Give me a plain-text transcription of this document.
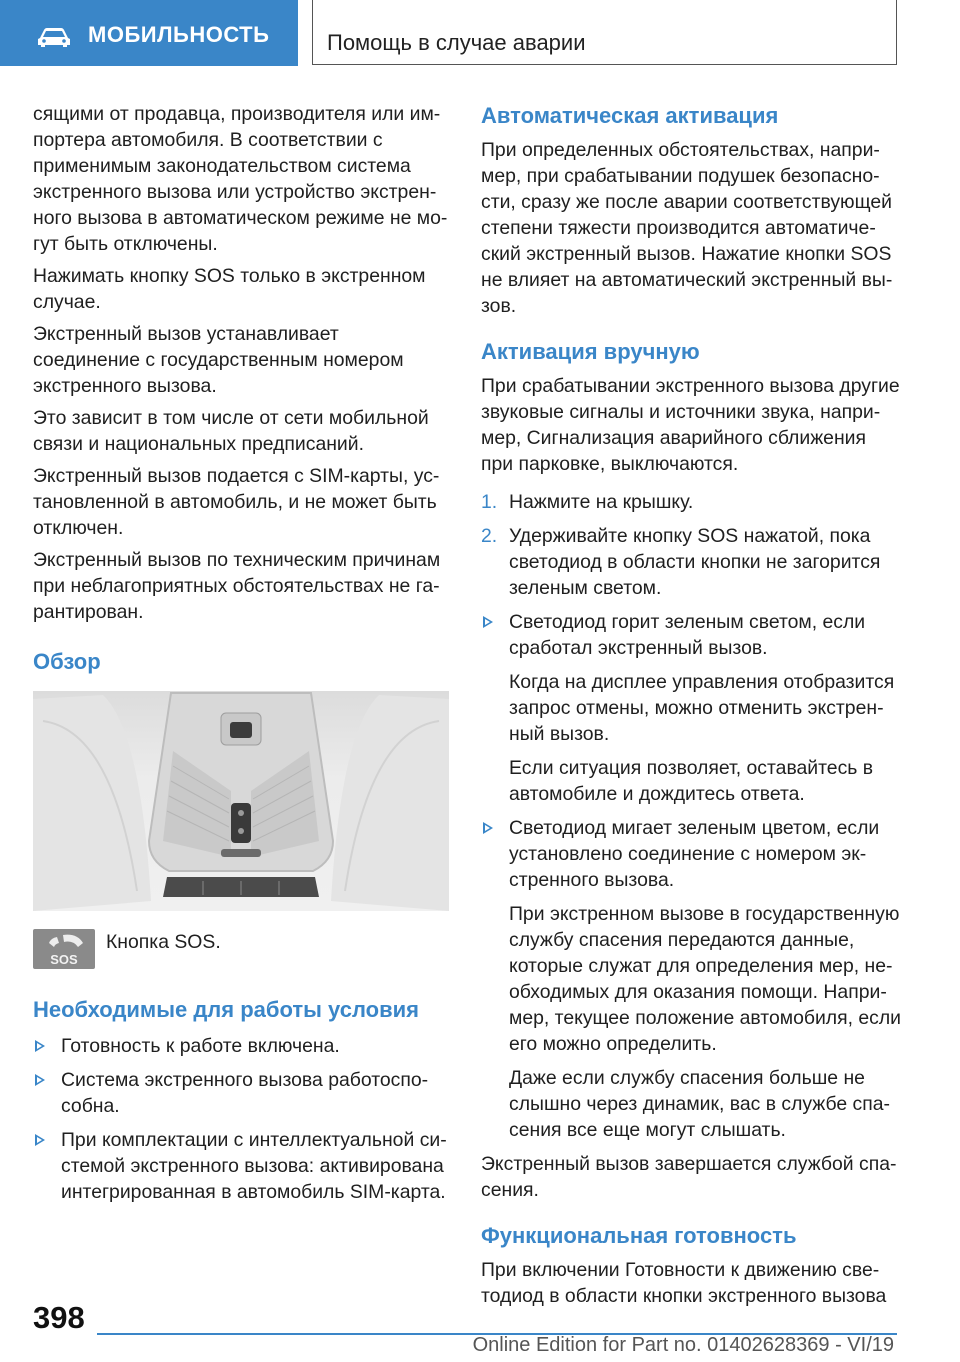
МОБИЛЬНОСТЬ	Помощь в случае аварии

сящими от продавца, производителя или импортера автомобиля. В соответствии с применимым законодательством система экстренного вызова или устройство экстренного вызова в автоматическом режиме не могут быть отключены.

Нажимать кнопку SOS только в экстренном случае.

Экстренный вызов устанавливает соединение с государственным номером экстренного вызова.

Это зависит в том числе от сети мобильной связи и национальных предписаний.

Экстренный вызов подается с SIM-карты, установленной в автомобиль, и не может быть отключен.

Экстренный вызов по техническим причинам при неблагоприятных обстоятельствах не гарантирован.

Обзор
SOS
Кнопка SOS.
Необходимые для работы условия
Готовность к работе включена.
Система экстренного вызова работоспособна.
При комплектации с интеллектуальной системой экстренного вызова: активирована интегрированная в автомобиль SIM-карта.
Автоматическая активация

При определенных обстоятельствах, например, при срабатывании подушек безопасности, сразу же после аварии соответствующей степени тяжести производится автоматический экстренный вызов. Нажатие кнопки SOS не влияет на автоматический экстренный вызов.

Активация вручную

При срабатывании экстренного вызова другие звуковые сигналы и источники звука, например, Сигнализация аварийного сближения при парковке, выключаются.

1. Нажмите на крышку.
2. Удерживайте кнопку SOS нажатой, пока светодиод в области кнопки не загорится зеленым светом.
Светодиод горит зеленым светом, если сработал экстренный вызов.

Когда на дисплее управления отобразится запрос отмены, можно отменить экстренный вызов.

Если ситуация позволяет, оставайтесь в автомобиле и дождитесь ответа.

Светодиод мигает зеленым цветом, если установлено соединение с номером экстренного вызова.

При экстренном вызове в государственную службу спасения передаются данные, которые служат для определения мер, необходимых для оказания помощи. Например, текущее положение автомобиля, если его можно определить.

Даже если службу спасения больше не слышно через динамик, вас в службе спасения все еще могут слышать.

Экстренный вызов завершается службой спасения.

Функциональная готовность

При включении Готовности к движению светодиод в области кнопки экстренного вызова

398
Online Edition for Part no. 01402628369 - VI/19
